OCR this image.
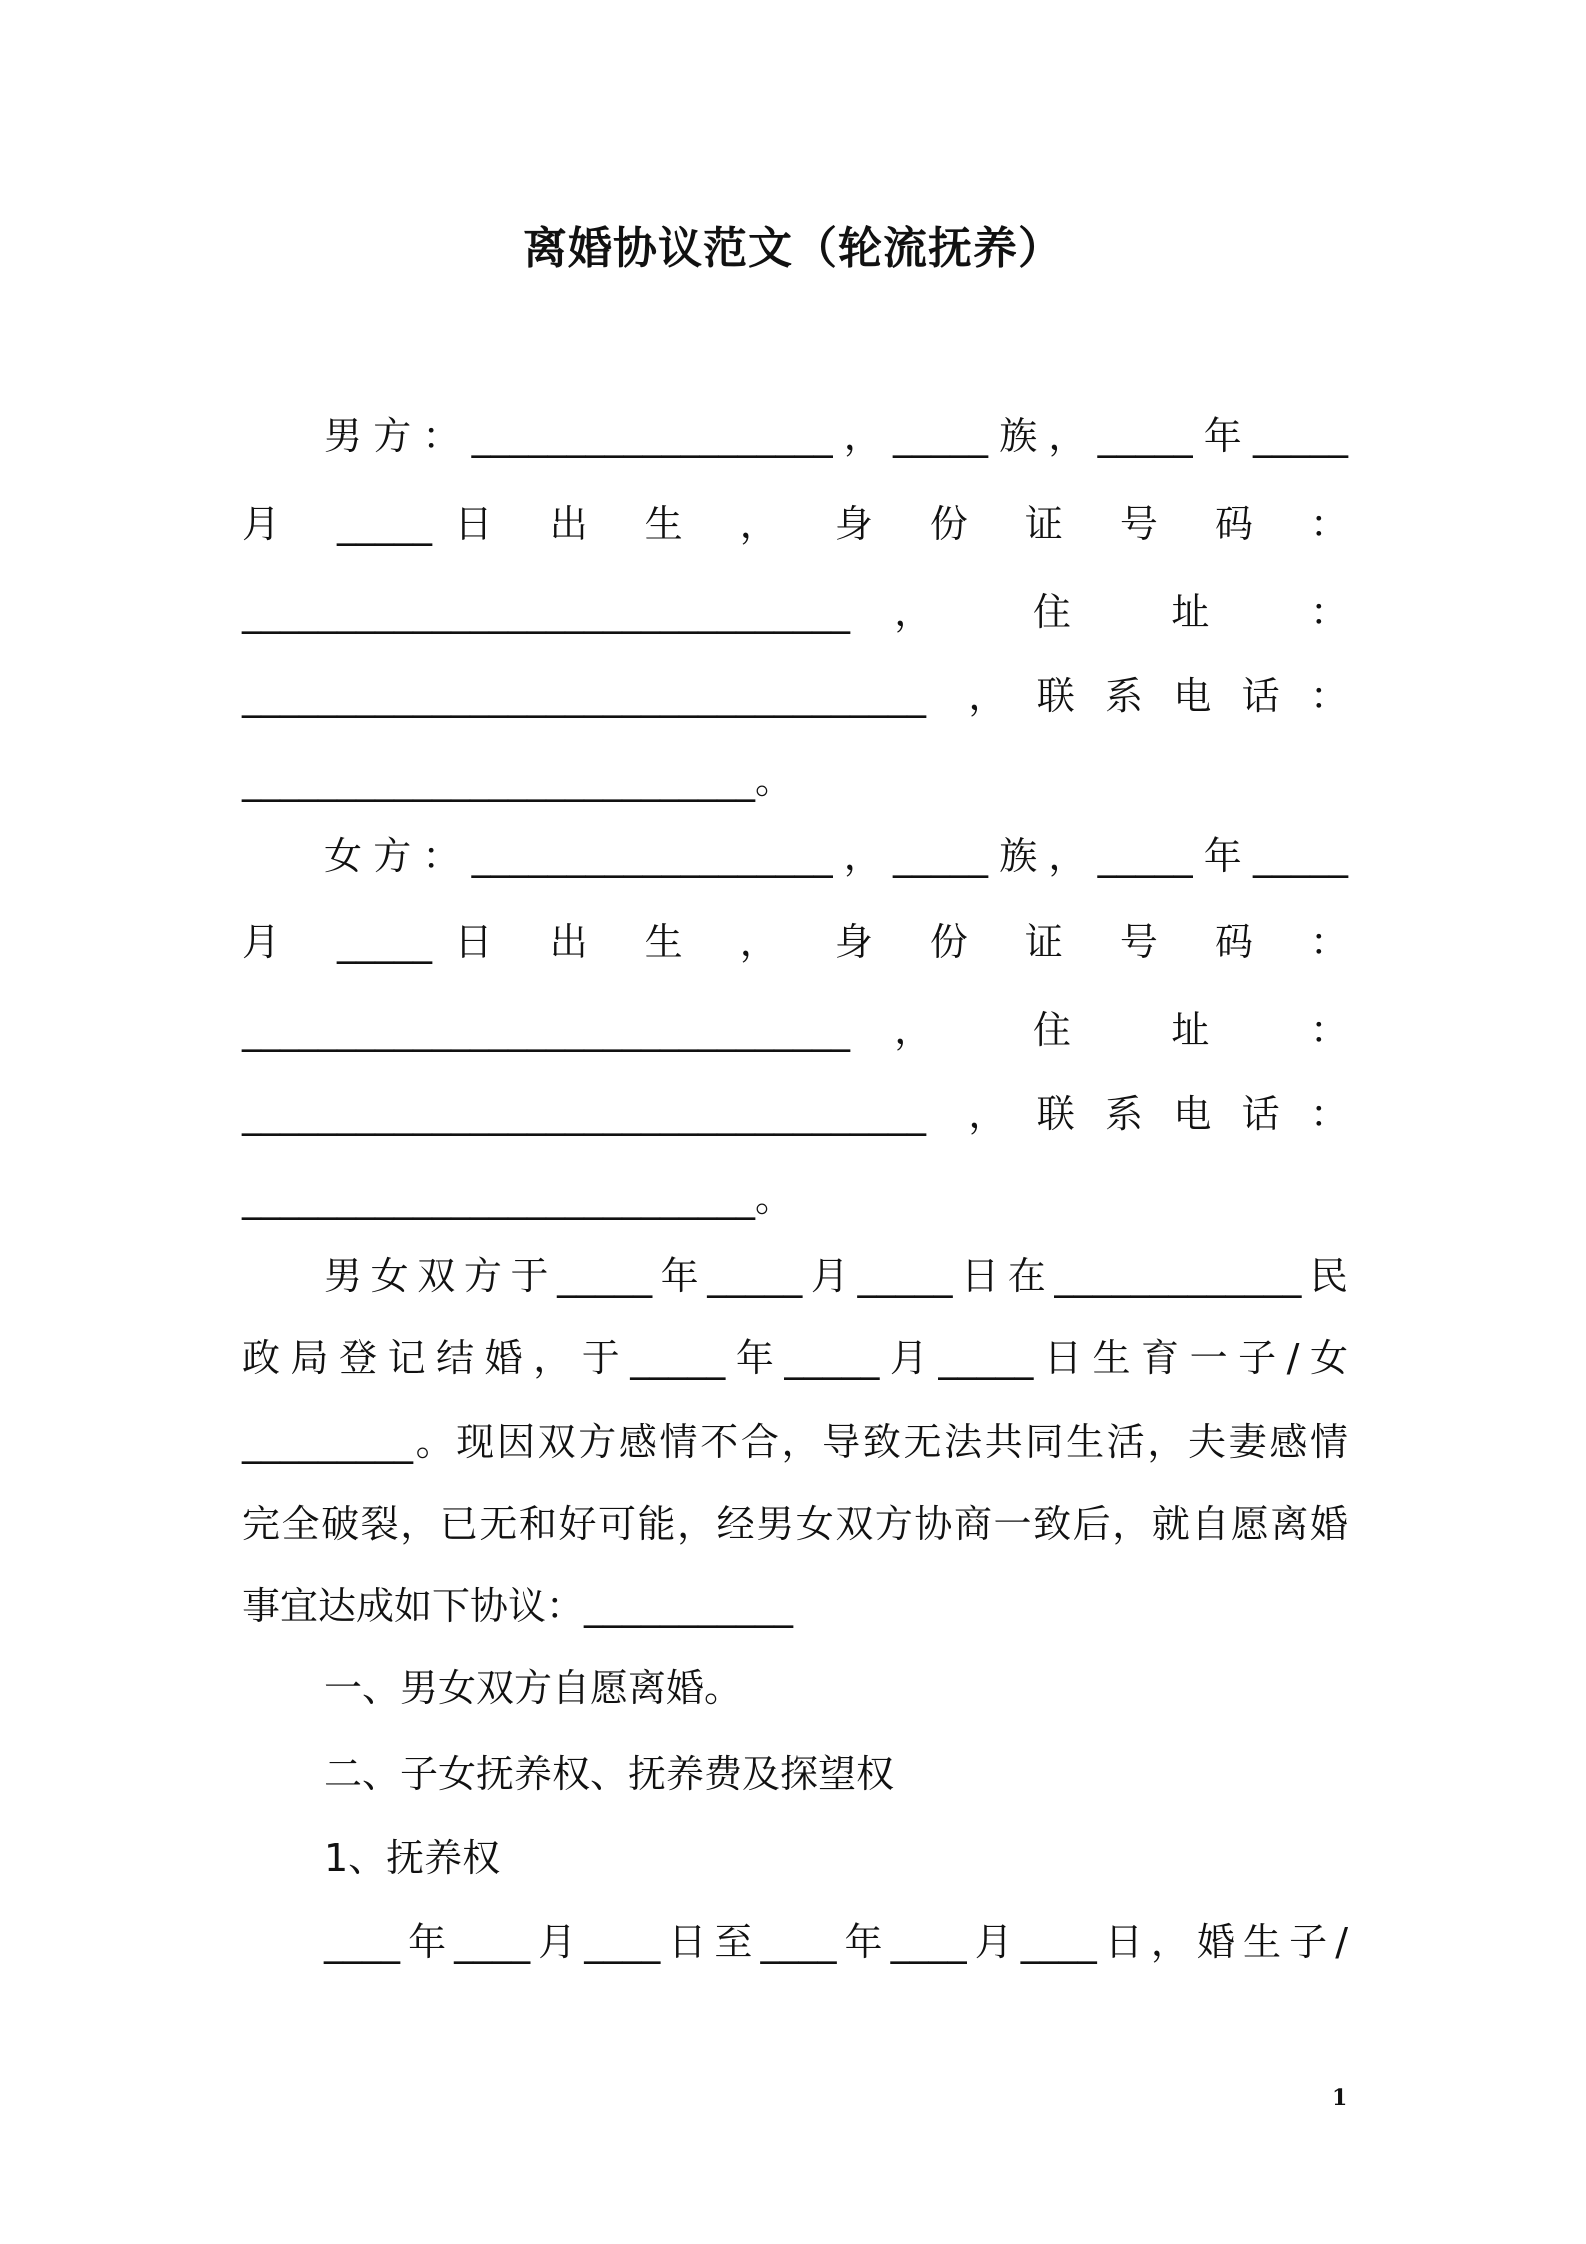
离婚协议范文（轮流抚养）
男方：___________________，_____族，_____年_____
月 _____日 出 生 ， 身 份 证 号 码 ：
________________________________， 住 址 ：
____________________________________ ，联系电话：
___________________________。
女方：___________________，_____族，_____年_____
月 _____日 出 生 ， 身 份 证 号 码 ：
________________________________， 住 址 ：
____________________________________ ，联系电话：
___________________________。
男女双方于_____年_____月_____日在_____________民
政局登记结婚，于_____年_____月_____日生育一子/女
_________。现因双方感情不合，导致无法共同生活，夫妻感情
完全破裂，已无和好可能，经男女双方协商一致后，就自愿离婚
事宜达成如下协议：___________
一、男女双方自愿离婚。
二、子女抚养权、抚养费及探望权
1、抚养权
____年____月____日至____年____月____日，婚生子/
1
